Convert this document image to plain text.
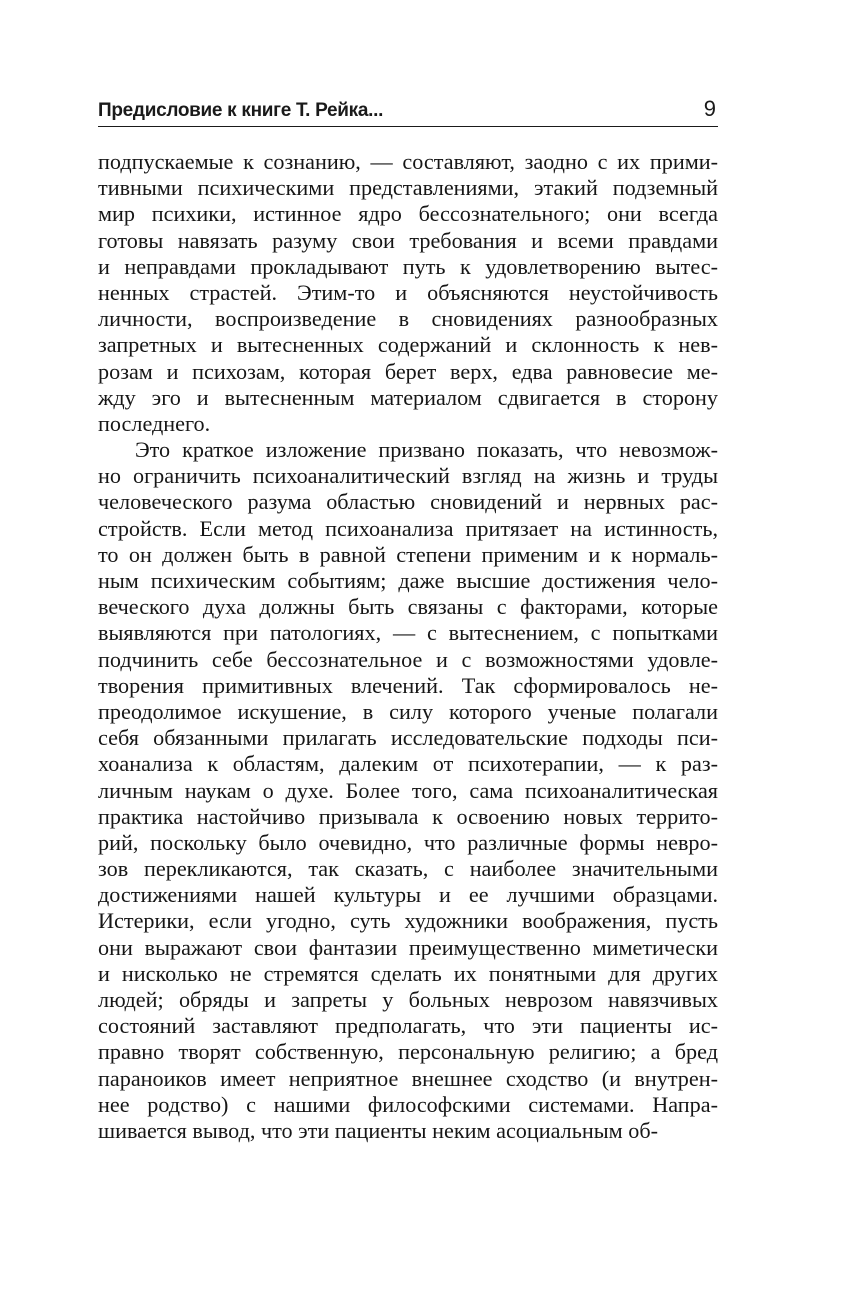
Предисловие к книге Т. Рейка...	9
подпускаемые к сознанию, — составляют, заодно с их прими-
тивными психическими представлениями, этакий подземный
мир психики, истинное ядро бессознательного; они всегда
готовы навязать разуму свои требования и всеми правдами
и неправдами прокладывают путь к удовлетворению вытес-
ненных страстей. Этим-то и объясняются неустойчивость
личности, воспроизведение в сновидениях разнообразных
запретных и вытесненных содержаний и склонность к нев-
розам и психозам, которая берет верх, едва равновесие ме-
жду эго и вытесненным материалом сдвигается в сторону
последнего.
Это краткое изложение призвано показать, что невозмож-
но ограничить психоаналитический взгляд на жизнь и труды
человеческого разума областью сновидений и нервных рас-
стройств. Если метод психоанализа притязает на истинность,
то он должен быть в равной степени применим и к нормаль-
ным психическим событиям; даже высшие достижения чело-
веческого духа должны быть связаны с факторами, которые
выявляются при патологиях, — с вытеснением, с попытками
подчинить себе бессознательное и с возможностями удовле-
творения примитивных влечений. Так сформировалось не-
преодолимое искушение, в силу которого ученые полагали
себя обязанными прилагать исследовательские подходы пси-
хоанализа к областям, далеким от психотерапии, — к раз-
личным наукам о духе. Более того, сама психоаналитическая
практика настойчиво призывала к освоению новых террито-
рий, поскольку было очевидно, что различные формы невро-
зов перекликаются, так сказать, с наиболее значительными
достижениями нашей культуры и ее лучшими образцами.
Истерики, если угодно, суть художники воображения, пусть
они выражают свои фантазии преимущественно миметически
и нисколько не стремятся сделать их понятными для других
людей; обряды и запреты у больных неврозом навязчивых
состояний заставляют предполагать, что эти пациенты ис-
правно творят собственную, персональную религию; а бред
параноиков имеет неприятное внешнее сходство (и внутрен-
нее родство) с нашими философскими системами. Напра-
шивается вывод, что эти пациенты неким асоциальным об-
